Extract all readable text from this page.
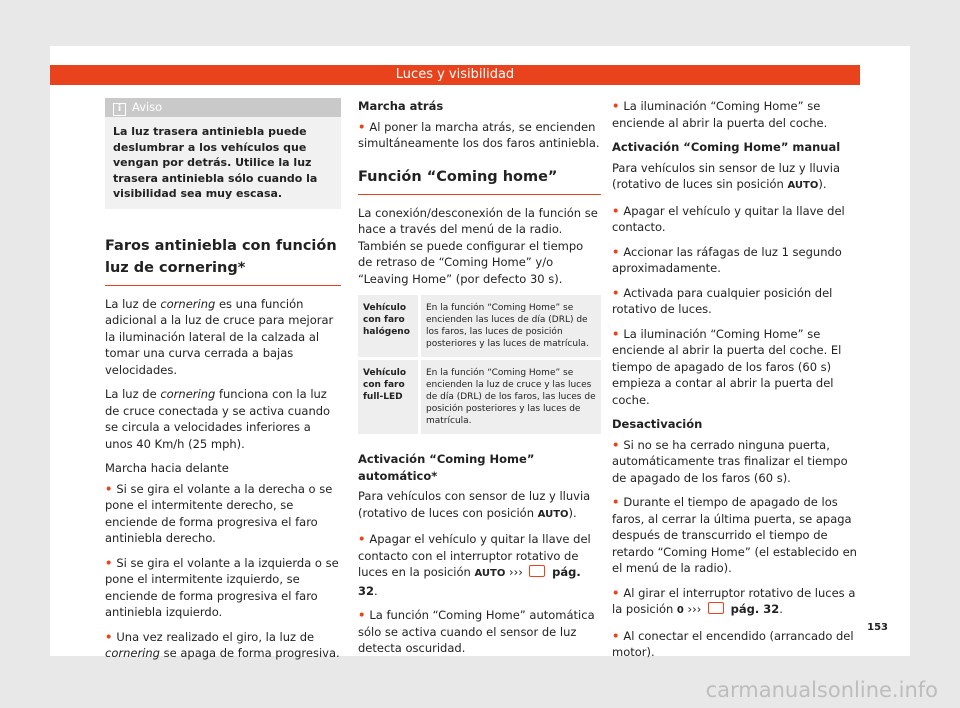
Luces y visibilidad
i Aviso
La luz trasera antiniebla puede deslumbrar a los vehículos que vengan por detrás. Utilice la luz trasera antiniebla sólo cuando la visibilidad sea muy escasa.
Faros antiniebla con función luz de cornering*

La luz de cornering es una función adicional a la luz de cruce para mejorar la iluminación lateral de la calzada al tomar una curva cerrada a bajas velocidades.

La luz de cornering funciona con la luz de cruce conectada y se activa cuando se circula a velocidades inferiores a unos 40 Km/h (25 mph).

Marcha hacia delante

• Si se gira el volante a la derecha o se pone el intermitente derecho, se enciende de forma progresiva el faro antiniebla derecho.

• Si se gira el volante a la izquierda o se pone el intermitente izquierdo, se enciende de forma progresiva el faro antiniebla izquierdo.

• Una vez realizado el giro, la luz de cornering se apaga de forma progresiva.

Marcha atrás

• Al poner la marcha atrás, se encienden simultáneamente los dos faros antiniebla.

Función “Coming home”

La conexión/desconexión de la función se hace a través del menú de la radio. También se puede configurar el tiempo de retraso de “Coming Home” y/o “Leaving Home” (por defecto 30 s).

Vehículo con faro halógeno	En la función “Coming Home” se encienden las luces de día (DRL) de los faros, las luces de posición posteriores y las luces de matrícula.
Vehículo con faro full-LED	En la función “Coming Home” se encienden la luz de cruce y las luces de día (DRL) de los faros, las luces de posición posteriores y las luces de matrícula.
Activación “Coming Home” automático*

Para vehículos con sensor de luz y lluvia (rotativo de luces con posición AUTO).

• Apagar el vehículo y quitar la llave del contacto con el interruptor rotativo de luces en la posición AUTO ›››  pág. 32.

• La función “Coming Home” automática sólo se activa cuando el sensor de luz detecta oscuridad.

• La iluminación “Coming Home” se enciende al abrir la puerta del coche.

Activación “Coming Home” manual

Para vehículos sin sensor de luz y lluvia (rotativo de luces sin posición AUTO).

• Apagar el vehículo y quitar la llave del contacto.

• Accionar las ráfagas de luz 1 segundo aproximadamente.

• Activada para cualquier posición del rotativo de luces.

• La iluminación “Coming Home” se enciende al abrir la puerta del coche. El tiempo de apagado de los faros (60 s) empieza a contar al abrir la puerta del coche.

Desactivación

• Si no se ha cerrado ninguna puerta, automáticamente tras finalizar el tiempo de apagado de los faros (60 s).

• Durante el tiempo de apagado de los faros, al cerrar la última puerta, se apaga después de transcurrido el tiempo de retardo “Coming Home” (el establecido en el menú de la radio).

• Al girar el interruptor rotativo de luces a la posición 0 ›››  pág. 32.

• Al conectar el encendido (arrancado del motor).

153
carmanualsonline.info
